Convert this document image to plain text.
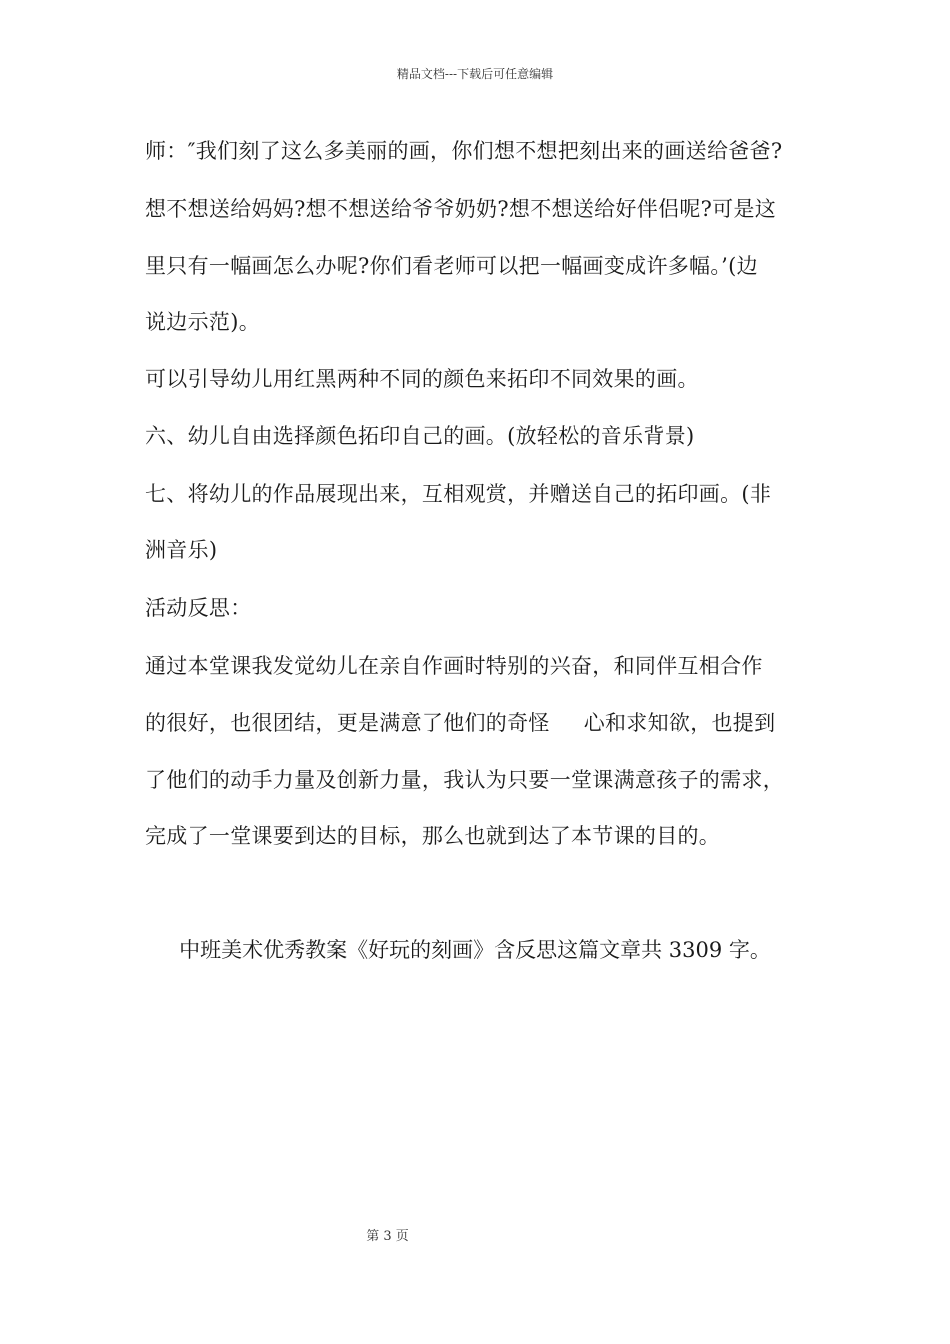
精品文档---下载后可任意编辑
师：″我们刻了这么多美丽的画，你们想不想把刻出来的画送给爸爸?
想不想送给妈妈?想不想送给爷爷奶奶?想不想送给好伴侣呢?可是这
里只有一幅画怎么办呢?你们看老师可以把一幅画变成许多幅。’(边
说边示范)。
可以引导幼儿用红黑两种不同的颜色来拓印不同效果的画。
六、幼儿自由选择颜色拓印自己的画。(放轻松的音乐背景)
七、将幼儿的作品展现出来，互相观赏，并赠送自己的拓印画。(非
洲音乐)
活动反思：
通过本堂课我发觉幼儿在亲自作画时特别的兴奋，和同伴互相合作
的很好，也很团结，更是满意了他们的奇怪 心和求知欲，也提到
了他们的动手力量及创新力量，我认为只要一堂课满意孩子的需求，
完成了一堂课要到达的目标，那么也就到达了本节课的目的。
中班美术优秀教案《好玩的刻画》含反思这篇文章共 3309 字。
第 3 页
